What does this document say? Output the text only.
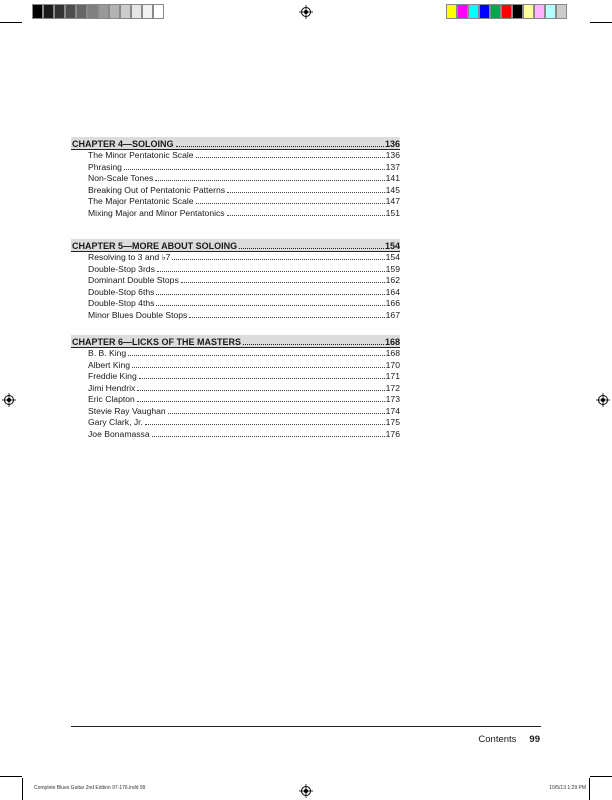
CHAPTER 4—SOLOING	136
The Minor Pentatonic Scale	136
Phrasing	137
Non-Scale Tones	141
Breaking Out of Pentatonic Patterns	145
The Major Pentatonic Scale	147
Mixing Major and Minor Pentatonics	151
CHAPTER 5—MORE ABOUT SOLOING	154
Resolving to 3 and ♭7	154
Double-Stop 3rds	159
Dominant Double Stops	162
Double-Stop 6ths	164
Double-Stop 4ths	166
Minor Blues Double Stops	167
CHAPTER 6—LICKS OF THE MASTERS	168
B. B. King	168
Albert King	170
Freddie King	171
Jimi Hendrix	172
Eric Clapton	173
Stevie Ray Vaughan	174
Gary Clark, Jr.	175
Joe Bonamassa	176
Contents 99
Complete Blues Guitar 2nd Edition 97-176.indd 99	10/5/13 1:29 PM
